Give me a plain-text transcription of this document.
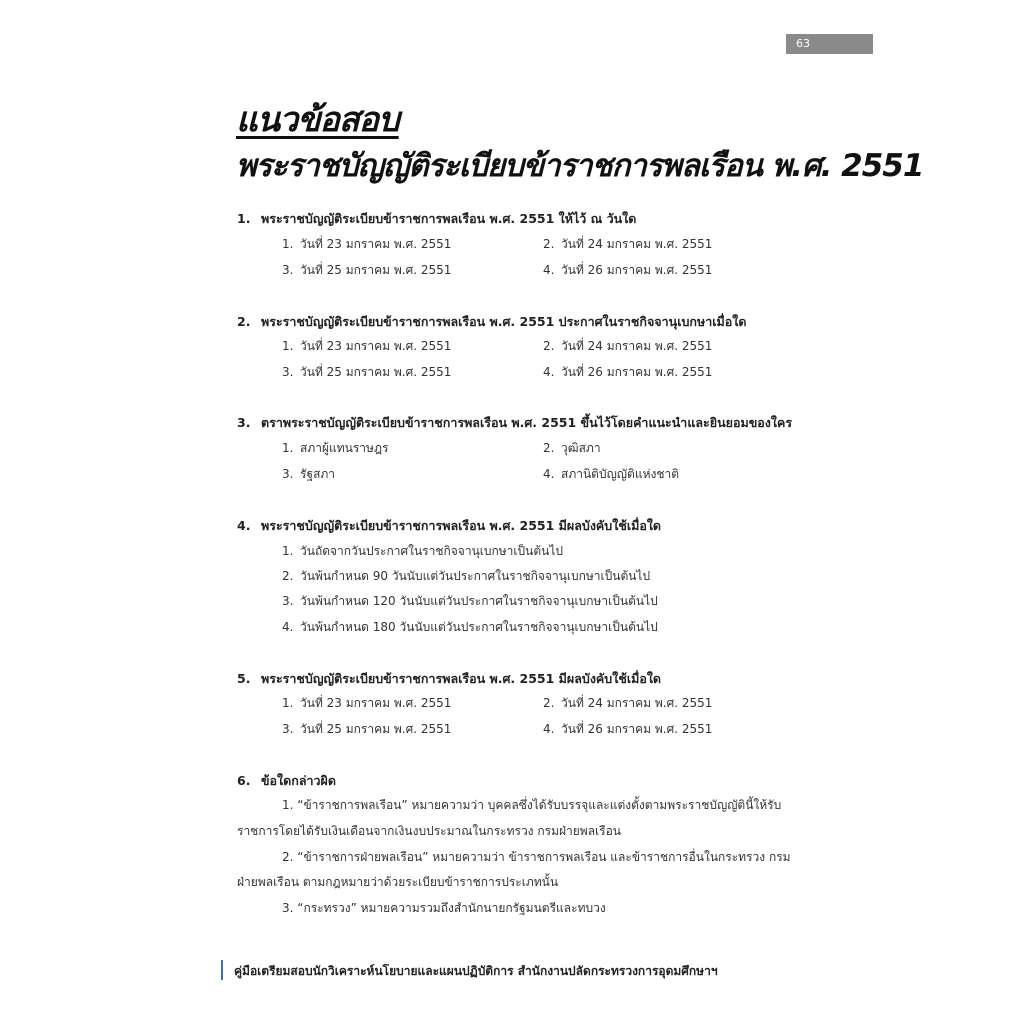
63
แนวข้อสอบ
พระราชบัญญัติระเบียบข้าราชการพลเรือน พ.ศ. 2551
1. พระราชบัญญัติระเบียบข้าราชการพลเรือน พ.ศ. 2551 ให้ไว้ ณ วันใด
1. วันที่ 23 มกราคม พ.ศ. 2551	2. วันที่ 24 มกราคม พ.ศ. 2551
3. วันที่ 25 มกราคม พ.ศ. 2551	4. วันที่ 26 มกราคม พ.ศ. 2551
2. พระราชบัญญัติระเบียบข้าราชการพลเรือน พ.ศ. 2551 ประกาศในราชกิจจานุเบกษาเมื่อใด
1. วันที่ 23 มกราคม พ.ศ. 2551	2. วันที่ 24 มกราคม พ.ศ. 2551
3. วันที่ 25 มกราคม พ.ศ. 2551	4. วันที่ 26 มกราคม พ.ศ. 2551
3. ตราพระราชบัญญัติระเบียบข้าราชการพลเรือน พ.ศ. 2551 ขึ้นไว้โดยคำแนะนำและยินยอมของใคร
1. สภาผู้แทนราษฎร	2. วุฒิสภา
3. รัฐสภา	4. สภานิติบัญญัติแห่งชาติ
4. พระราชบัญญัติระเบียบข้าราชการพลเรือน พ.ศ. 2551 มีผลบังคับใช้เมื่อใด
1. วันถัดจากวันประกาศในราชกิจจานุเบกษาเป็นต้นไป
2. วันพ้นกำหนด 90 วันนับแต่วันประกาศในราชกิจจานุเบกษาเป็นต้นไป
3. วันพ้นกำหนด 120 วันนับแต่วันประกาศในราชกิจจานุเบกษาเป็นต้นไป
4. วันพ้นกำหนด 180 วันนับแต่วันประกาศในราชกิจจานุเบกษาเป็นต้นไป
5. พระราชบัญญัติระเบียบข้าราชการพลเรือน พ.ศ. 2551 มีผลบังคับใช้เมื่อใด
1. วันที่ 23 มกราคม พ.ศ. 2551	2. วันที่ 24 มกราคม พ.ศ. 2551
3. วันที่ 25 มกราคม พ.ศ. 2551	4. วันที่ 26 มกราคม พ.ศ. 2551
6. ข้อใดกล่าวผิด
1. “ข้าราชการพลเรือน” หมายความว่า บุคคลซึ่งได้รับบรรจุและแต่งตั้งตามพระราชบัญญัตินี้ให้รับ
ราชการโดยได้รับเงินเดือนจากเงินงบประมาณในกระทรวง กรมฝ่ายพลเรือน
2. “ข้าราชการฝ่ายพลเรือน” หมายความว่า ข้าราชการพลเรือน และข้าราชการอื่นในกระทรวง กรม
ฝ่ายพลเรือน ตามกฎหมายว่าด้วยระเบียบข้าราชการประเภทนั้น
3. “กระทรวง” หมายความรวมถึงสำนักนายกรัฐมนตรีและทบวง
คู่มือเตรียมสอบนักวิเคราะห์นโยบายและแผนปฏิบัติการ สำนักงานปลัดกระทรวงการอุดมศึกษาฯ
